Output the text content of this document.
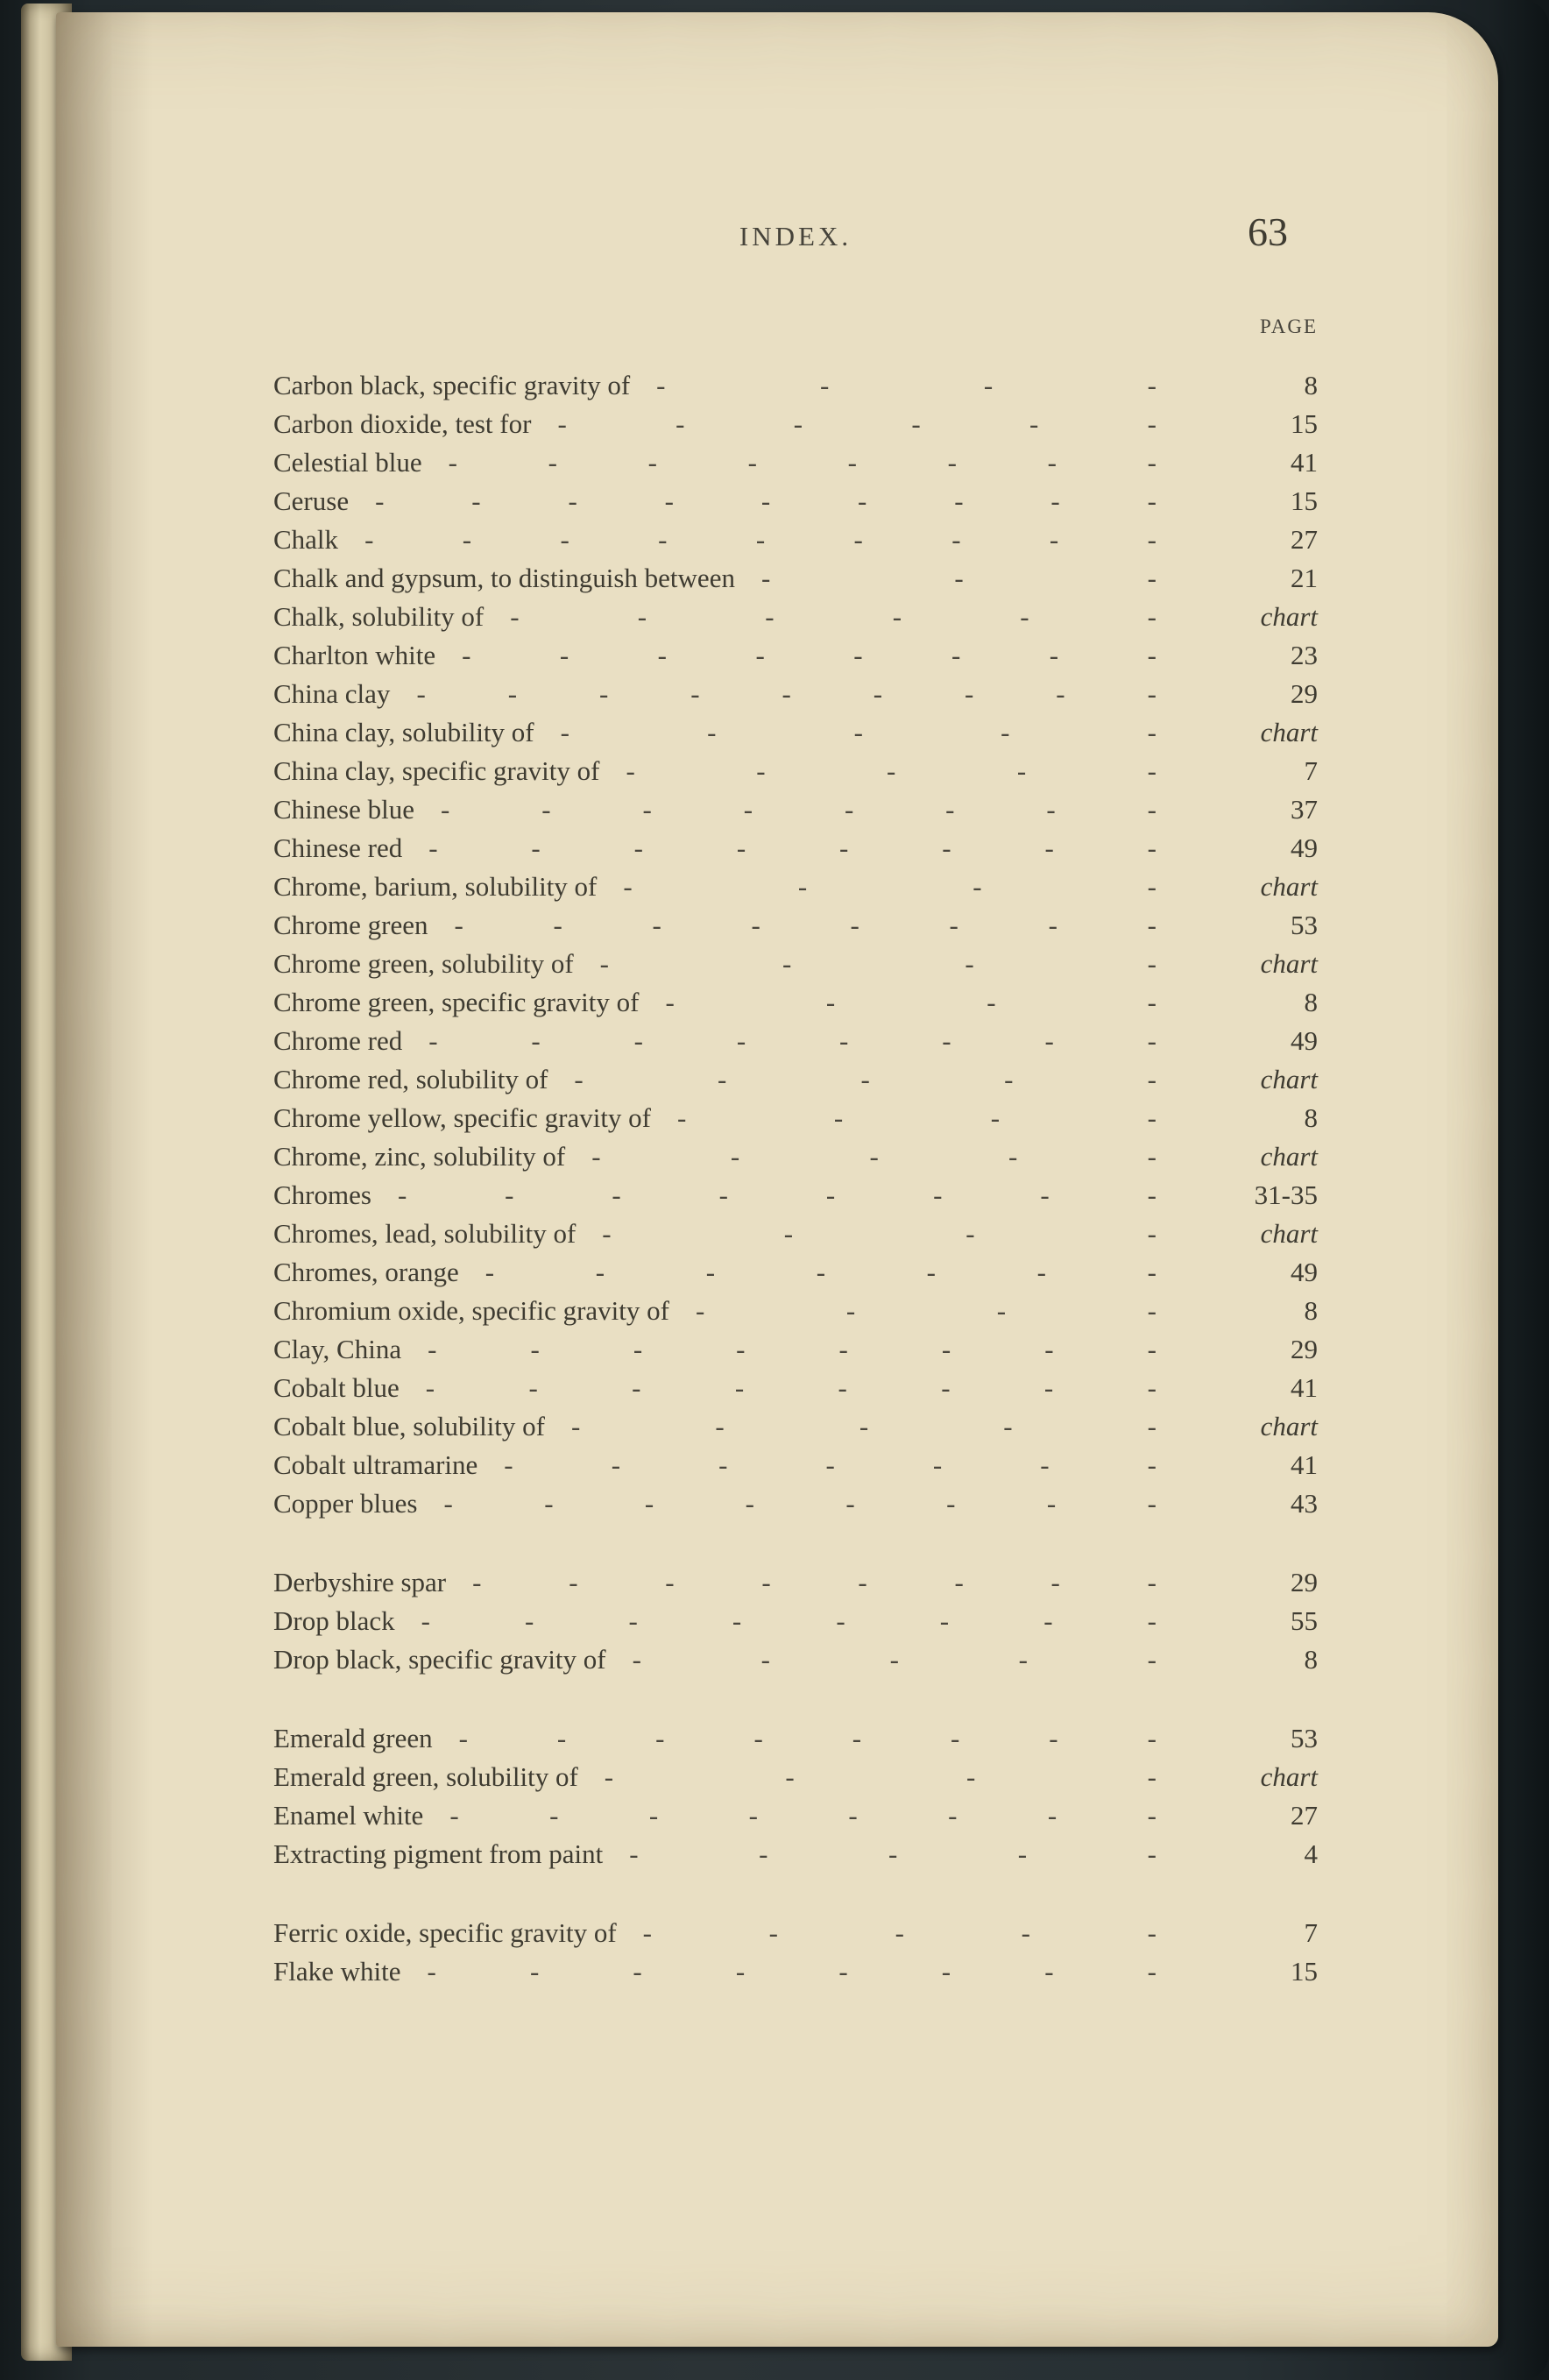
INDEX.	63
PAGE
Carbon black, specific gravity of -	-	-	-	8
Carbon dioxide, test for -	-	-	-	-	-	15
Celestial blue -	-	-	-	-	-	-	-	41
Ceruse -	-	-	-	-	-	-	-	-	15
Chalk -	-	-	-	-	-	-	-	-	27
Chalk and gypsum, to distinguish between -	-	-	21
Chalk, solubility of -	-	-	-	-	-	chart
Charlton white -	-	-	-	-	-	-	-	23
China clay -	-	-	-	-	-	-	-	-	29
China clay, solubility of -	-	-	-	-	chart
China clay, specific gravity of -	-	-	-	-	7
Chinese blue -	-	-	-	-	-	-	-	37
Chinese red -	-	-	-	-	-	-	-	49
Chrome, barium, solubility of -	-	-	-	chart
Chrome green -	-	-	-	-	-	-	-	53
Chrome green, solubility of -	-	-	-	chart
Chrome green, specific gravity of -	-	-	-	8
Chrome red -	-	-	-	-	-	-	-	49
Chrome red, solubility of -	-	-	-	-	chart
Chrome yellow, specific gravity of -	-	-	-	8
Chrome, zinc, solubility of -	-	-	-	-	chart
Chromes -	-	-	-	-	-	-	-	31-35
Chromes, lead, solubility of -	-	-	-	chart
Chromes, orange -	-	-	-	-	-	-	49
Chromium oxide, specific gravity of -	-	-	-	8
Clay, China -	-	-	-	-	-	-	-	29
Cobalt blue -	-	-	-	-	-	-	-	41
Cobalt blue, solubility of -	-	-	-	-	chart
Cobalt ultramarine -	-	-	-	-	-	-	41
Copper blues -	-	-	-	-	-	-	-	43
Derbyshire spar -	-	-	-	-	-	-	-	29
Drop black -	-	-	-	-	-	-	-	55
Drop black, specific gravity of -	-	-	-	-	8
Emerald green -	-	-	-	-	-	-	-	53
Emerald green, solubility of -	-	-	-	chart
Enamel white -	-	-	-	-	-	-	-	27
Extracting pigment from paint -	-	-	-	-	4
Ferric oxide, specific gravity of -	-	-	-	-	7
Flake white -	-	-	-	-	-	-	-	15
